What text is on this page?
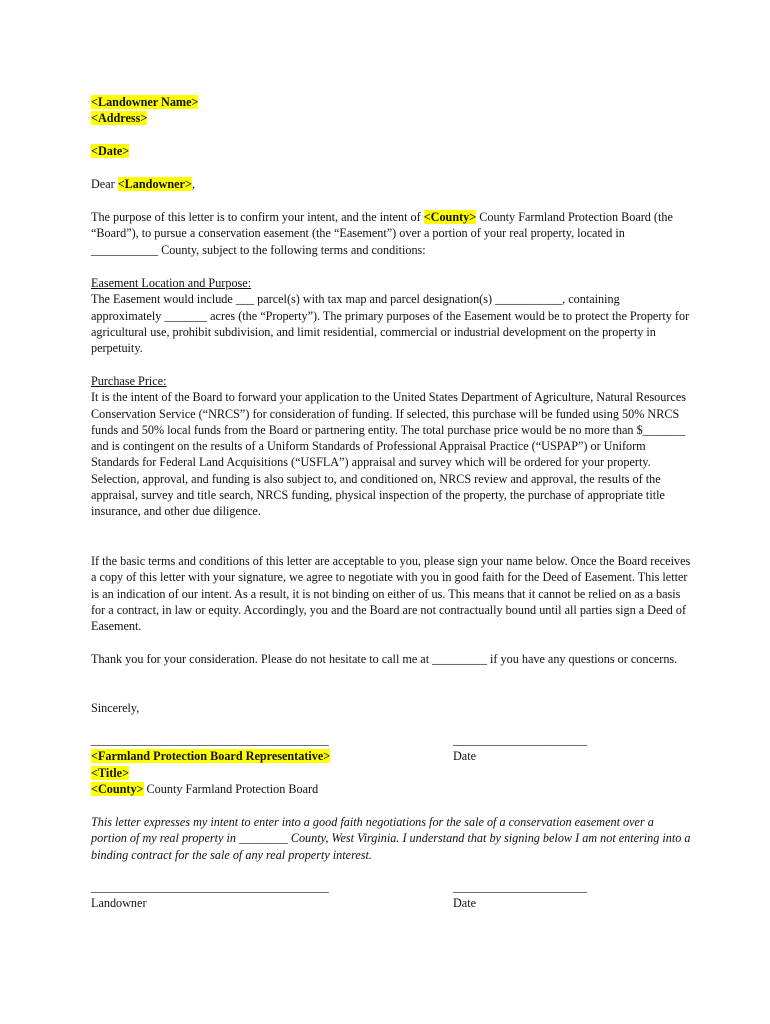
<Landowner Name>

<Address>

<Date>

Dear <Landowner>,

The purpose of this letter is to confirm your intent, and the intent of <County> County Farmland Protection Board (the “Board”), to pursue a conservation easement (the “Easement”) over a portion of your real property, located in ___________ County, subject to the following terms and conditions:

Easement Location and Purpose:

The Easement would include ___ parcel(s) with tax map and parcel designation(s) ___________, containing approximately _______ acres (the “Property”). The primary purposes of the Easement would be to protect the Property for agricultural use, prohibit subdivision, and limit residential, commercial or industrial development on the property in perpetuity.

Purchase Price:

It is the intent of the Board to forward your application to the United States Department of Agriculture, Natural Resources Conservation Service (“NRCS”) for consideration of funding. If selected, this purchase will be funded using 50% NRCS funds and 50% local funds from the Board or partnering entity. The total purchase price would be no more than $_______ and is contingent on the results of a Uniform Standards of Professional Appraisal Practice (“USPAP”) or Uniform Standards for Federal Land Acquisitions (“USFLA”) appraisal and survey which will be ordered for your property. Selection, approval, and funding is also subject to, and conditioned on, NRCS review and approval, the results of the appraisal, survey and title search, NRCS funding, physical inspection of the property, the purchase of appropriate title insurance, and other due diligence.

If the basic terms and conditions of this letter are acceptable to you, please sign your name below. Once the Board receives a copy of this letter with your signature, we agree to negotiate with you in good faith for the Deed of Easement. This letter is an indication of our intent. As a result, it is not binding on either of us. This means that it cannot be relied on as a basis for a contract, in law or equity. Accordingly, you and the Board are not contractually bound until all parties sign a Deed of Easement.

Thank you for your consideration. Please do not hesitate to call me at _________ if you have any questions or concerns.

Sincerely,

_______________________________________

<Farmland Protection Board Representative>

<Title>

<County> County Farmland Protection Board

______________________

Date

This letter expresses my intent to enter into a good faith negotiations for the sale of a conservation easement over a portion of my real property in ________ County, West Virginia. I understand that by signing below I am not entering into a binding contract for the sale of any real property interest.

_______________________________________

Landowner

______________________

Date
